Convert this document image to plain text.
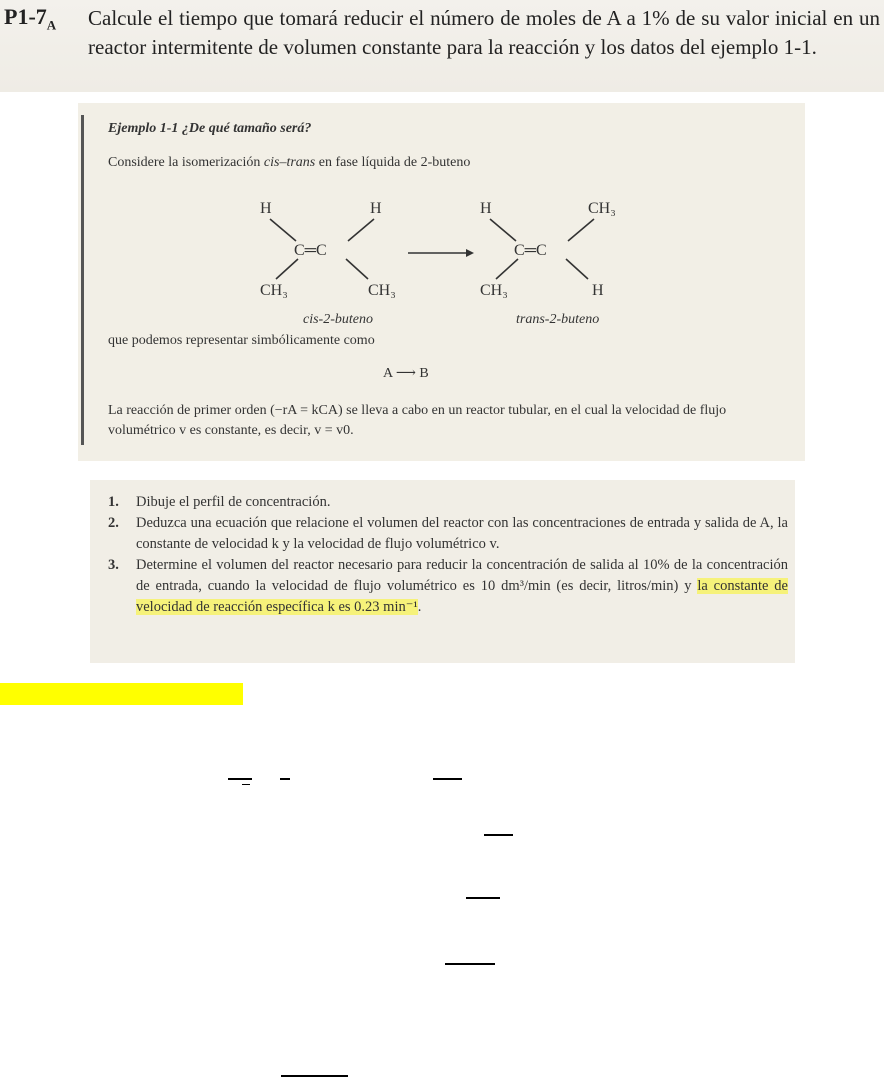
$P1-7_A$ Calcule el tiempo que tomará reducir el número de moles de A a 1% de su valor inicial en un reactor intermitente de volumen constante para la reacción y los datos del ejemplo 1-1.
Ejemplo 1-1 ¿De qué tamaño será?
Considere la isomerización cis–trans en fase líquida de 2-buteno
H	H
C═C
CH₃	CH₃
cis-2-buteno
H	CH₃
C═C
CH₃	H
trans-2-buteno
que podemos representar simbólicamente como
A ⟶ B
La reacción de primer orden (−rA = kCA) se lleva a cabo en un reactor tubular, en el cual la velocidad de flujo volumétrico v es constante, es decir, v = v0.
1. Dibuje el perfil de concentración.
2. Deduzca una ecuación que relacione el volumen del reactor con las concentraciones de entrada y salida de A, la constante de velocidad k y la velocidad de flujo volumétrico v.
3. Determine el volumen del reactor necesario para reducir la concentración de salida al 10% de la concentración de entrada, cuando la velocidad de flujo volumétrico es 10 dm³/min (es decir, litros/min) y la constante de velocidad de reacción específica k es 0.23 min⁻¹.
